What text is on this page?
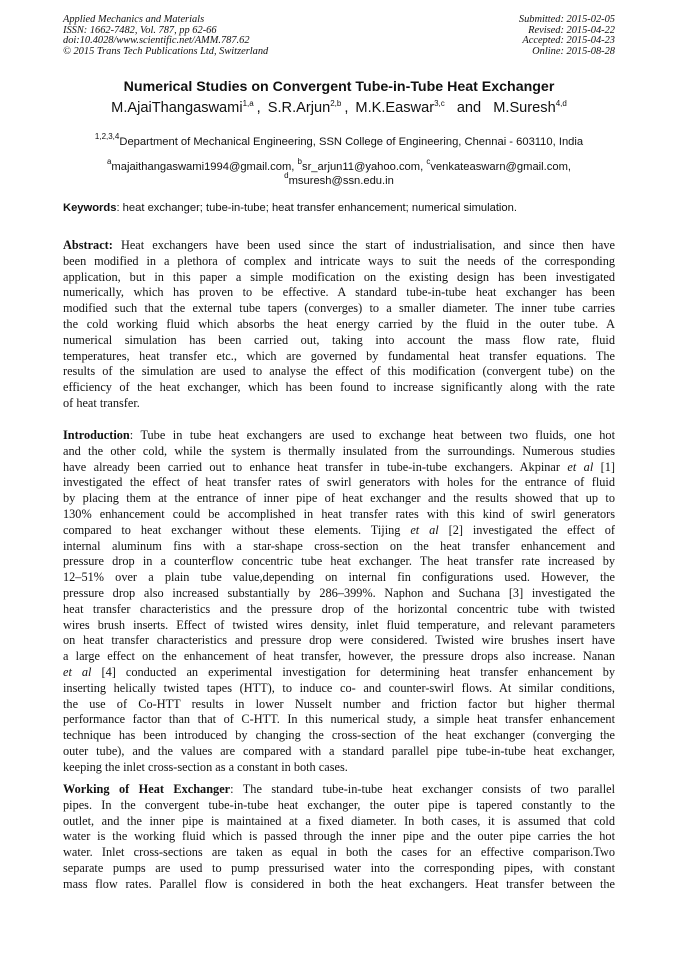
Applied Mechanics and Materials
ISSN: 1662-7482, Vol. 787, pp 62-66
doi:10.4028/www.scientific.net/AMM.787.62
© 2015 Trans Tech Publications Ltd, Switzerland
Submitted: 2015-02-05
Revised: 2015-04-22
Accepted: 2015-04-23
Online: 2015-08-28
Numerical Studies on Convergent Tube-in-Tube Heat Exchanger
M.AjaiThangaswami$^{1,a}$ , S.R.Arjun$^{2,b}$ , M.K.Easwar$^{3,c}$ and M.Suresh$^{4,d}$
$^{1,2,3,4}$Department of Mechanical Engineering, SSN College of Engineering, Chennai - 603110, India
$^a$majaithangaswami1994@gmail.com, $^b$sr_arjun11@yahoo.com, $^c$venkateaswarn@gmail.com,
$^d$msuresh@ssn.edu.in
Keywords: heat exchanger; tube-in-tube; heat transfer enhancement; numerical simulation.
Abstract: Heat exchangers have been used since the start of industrialisation, and since then have
been modified in a plethora of complex and intricate ways to suit the needs of the corresponding
application, but in this paper a simple modification on the existing design has been investigated
numerically, which has proven to be effective. A standard tube-in-tube heat exchanger has been
modified such that the external tube tapers (converges) to a smaller diameter. The inner tube carries
the cold working fluid which absorbs the heat energy carried by the fluid in the outer tube. A
numerical simulation has been carried out, taking into account the mass flow rate, fluid
temperatures, heat transfer etc., which are governed by fundamental heat transfer equations. The
results of the simulation are used to analyse the effect of this modification (convergent tube) on the
efficiency of the heat exchanger, which has been found to increase significantly along with the rate
of heat transfer.
Introduction: Tube in tube heat exchangers are used to exchange heat between two fluids, one hot
and the other cold, while the system is thermally insulated from the surroundings. Numerous studies
have already been carried out to enhance heat transfer in tube-in-tube exchangers. Akpinar et al [1]
investigated the effect of heat transfer rates of swirl generators with holes for the entrance of fluid
by placing them at the entrance of inner pipe of heat exchanger and the results showed that up to
130% enhancement could be accomplished in heat transfer rates with this kind of swirl generators
compared to heat exchanger without these elements. Tijing et al [2] investigated the effect of
internal aluminum fins with a star-shape cross-section on the heat transfer enhancement and
pressure drop in a counterflow concentric tube heat exchanger. The heat transfer rate increased by
12–51% over a plain tube value,depending on internal fin configurations used. However, the
pressure drop also increased substantially by 286–399%. Naphon and Suchana [3] investigated the
heat transfer characteristics and the pressure drop of the horizontal concentric tube with twisted
wires brush inserts. Effect of twisted wires density, inlet fluid temperature, and relevant parameters
on heat transfer characteristics and pressure drop were considered. Twisted wire brushes insert have
a large effect on the enhancement of heat transfer, however, the pressure drops also increase. Nanan
et al [4] conducted an experimental investigation for determining heat transfer enhancement by
inserting helically twisted tapes (HTT), to induce co- and counter-swirl flows. At similar conditions,
the use of Co-HTT results in lower Nusselt number and friction factor but higher thermal
performance factor than that of C-HTT. In this numerical study, a simple heat transfer enhancement
technique has been introduced by changing the cross-section of the heat exchanger (converging the
outer tube), and the values are compared with a standard parallel pipe tube-in-tube heat exchanger,
keeping the inlet cross-section as a constant in both cases.
Working of Heat Exchanger: The standard tube-in-tube heat exchanger consists of two parallel
pipes. In the convergent tube-in-tube heat exchanger, the outer pipe is tapered constantly to the
outlet, and the inner pipe is maintained at a fixed diameter. In both cases, it is assumed that cold
water is the working fluid which is passed through the inner pipe and the outer pipe carries the hot
water. Inlet cross-sections are taken as equal in both the cases for an effective comparison.Two
separate pumps are used to pump pressurised water into the corresponding pipes, with constant
mass flow rates. Parallel flow is considered in both the heat exchangers. Heat transfer between the
